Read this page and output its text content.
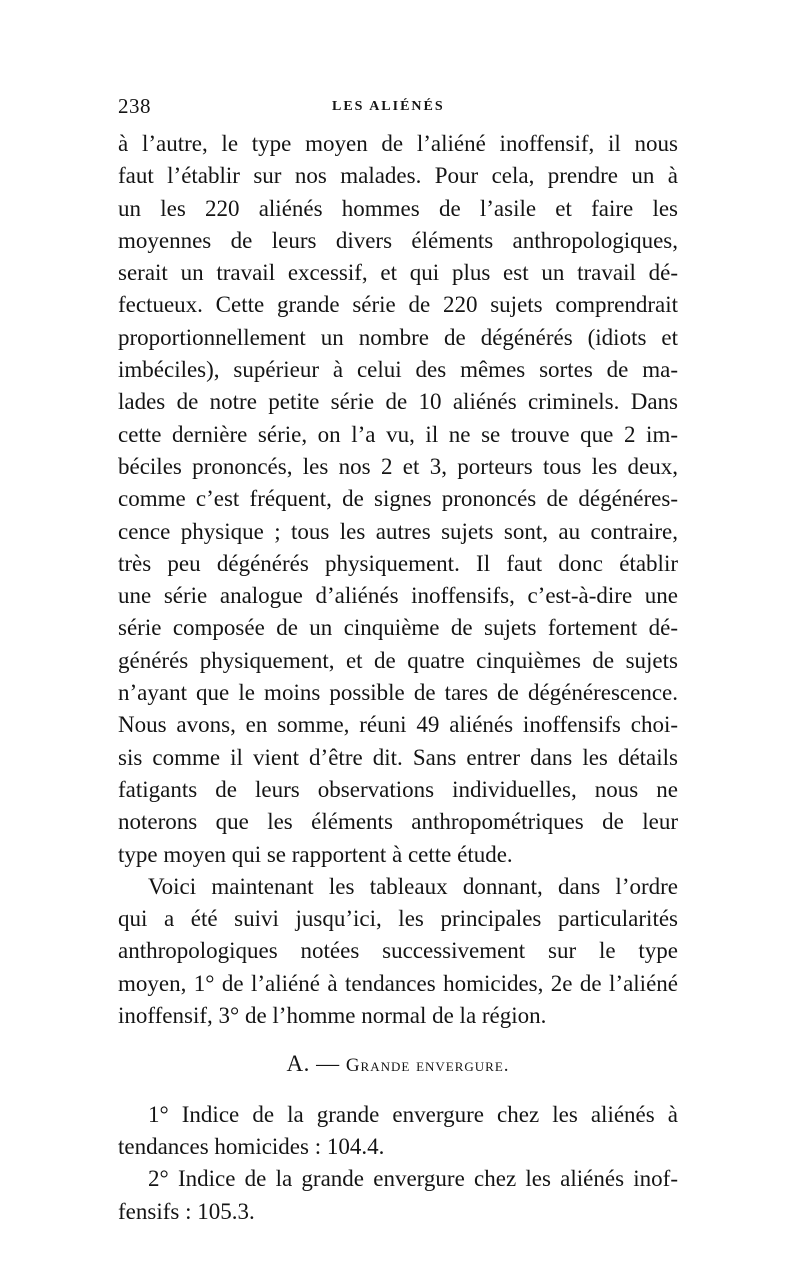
238	LES ALIÉNÉS
à l’autre, le type moyen de l’aliéné inoffensif, il nous
faut l’établir sur nos malades. Pour cela, prendre un à
un les 220 aliénés hommes de l’asile et faire les
moyennes de leurs divers éléments anthropologiques,
serait un travail excessif, et qui plus est un travail dé-
fectueux. Cette grande série de 220 sujets comprendrait
proportionnellement un nombre de dégénérés (idiots et
imbéciles), supérieur à celui des mêmes sortes de ma-
lades de notre petite série de 10 aliénés criminels. Dans
cette dernière série, on l’a vu, il ne se trouve que 2 im-
béciles prononcés, les nos 2 et 3, porteurs tous les deux,
comme c’est fréquent, de signes prononcés de dégénéres-
cence physique ; tous les autres sujets sont, au contraire,
très peu dégénérés physiquement. Il faut donc établir
une série analogue d’aliénés inoffensifs, c’est-à-dire une
série composée de un cinquième de sujets fortement dé-
générés physiquement, et de quatre cinquièmes de sujets
n’ayant que le moins possible de tares de dégénérescence.
Nous avons, en somme, réuni 49 aliénés inoffensifs choi-
sis comme il vient d’être dit. Sans entrer dans les détails
fatigants de leurs observations individuelles, nous ne
noterons que les éléments anthropométriques de leur
type moyen qui se rapportent à cette étude.
Voici maintenant les tableaux donnant, dans l’ordre
qui a été suivi jusqu’ici, les principales particularités
anthropologiques notées successivement sur le type
moyen, 1° de l’aliéné à tendances homicides, 2e de l’aliéné
inoffensif, 3° de l’homme normal de la région.
A. — Grande envergure.
1° Indice de la grande envergure chez les aliénés à
tendances homicides : 104.4.
2° Indice de la grande envergure chez les aliénés inof-
fensifs : 105.3.
